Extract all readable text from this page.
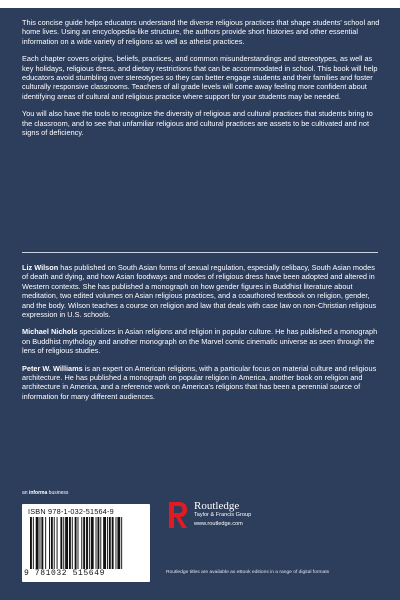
This concise guide helps educators understand the diverse religious practices that shape students' school and home lives. Using an encyclopedia-like structure, the authors provide short histories and other essential information on a wide variety of religions as well as atheist practices.

Each chapter covers origins, beliefs, practices, and common misunderstandings and stereotypes, as well as key holidays, religious dress, and dietary restrictions that can be accommodated in school. This book will help educators avoid stumbling over stereotypes so they can better engage students and their families and foster culturally responsive classrooms. Teachers of all grade levels will come away feeling more confident about identifying areas of cultural and religious practice where support for your students may be needed.

You will also have the tools to recognize the diversity of religious and cultural practices that students bring to the classroom, and to see that unfamiliar religious and cultural practices are assets to be cultivated and not signs of deficiency.

Liz Wilson has published on South Asian forms of sexual regulation, especially celibacy, South Asian modes of death and dying, and how Asian foodways and modes of religious dress have been adopted and altered in Western contexts. She has published a monograph on how gender figures in Buddhist literature about meditation, two edited volumes on Asian religious practices, and a coauthored textbook on religion, gender, and the body. Wilson teaches a course on religion and law that deals with case law on non-Christian religious expression in U.S. schools.

Michael Nichols specializes in Asian religions and religion in popular culture. He has published a monograph on Buddhist mythology and another monograph on the Marvel comic cinematic universe as seen through the lens of religious studies.

Peter W. Williams is an expert on American religions, with a particular focus on material culture and religious architecture. He has published a monograph on popular religion in America, another book on religion and architecture in America, and a reference work on America's religions that has been a perennial source of information for many different audiences.

an informa business
ISBN 978-1-032-51564-9
9 781032 515649
Routledge
Taylor & Francis Group
www.routledge.com
Routledge titles are available as eBook editions in a range of digital formats
